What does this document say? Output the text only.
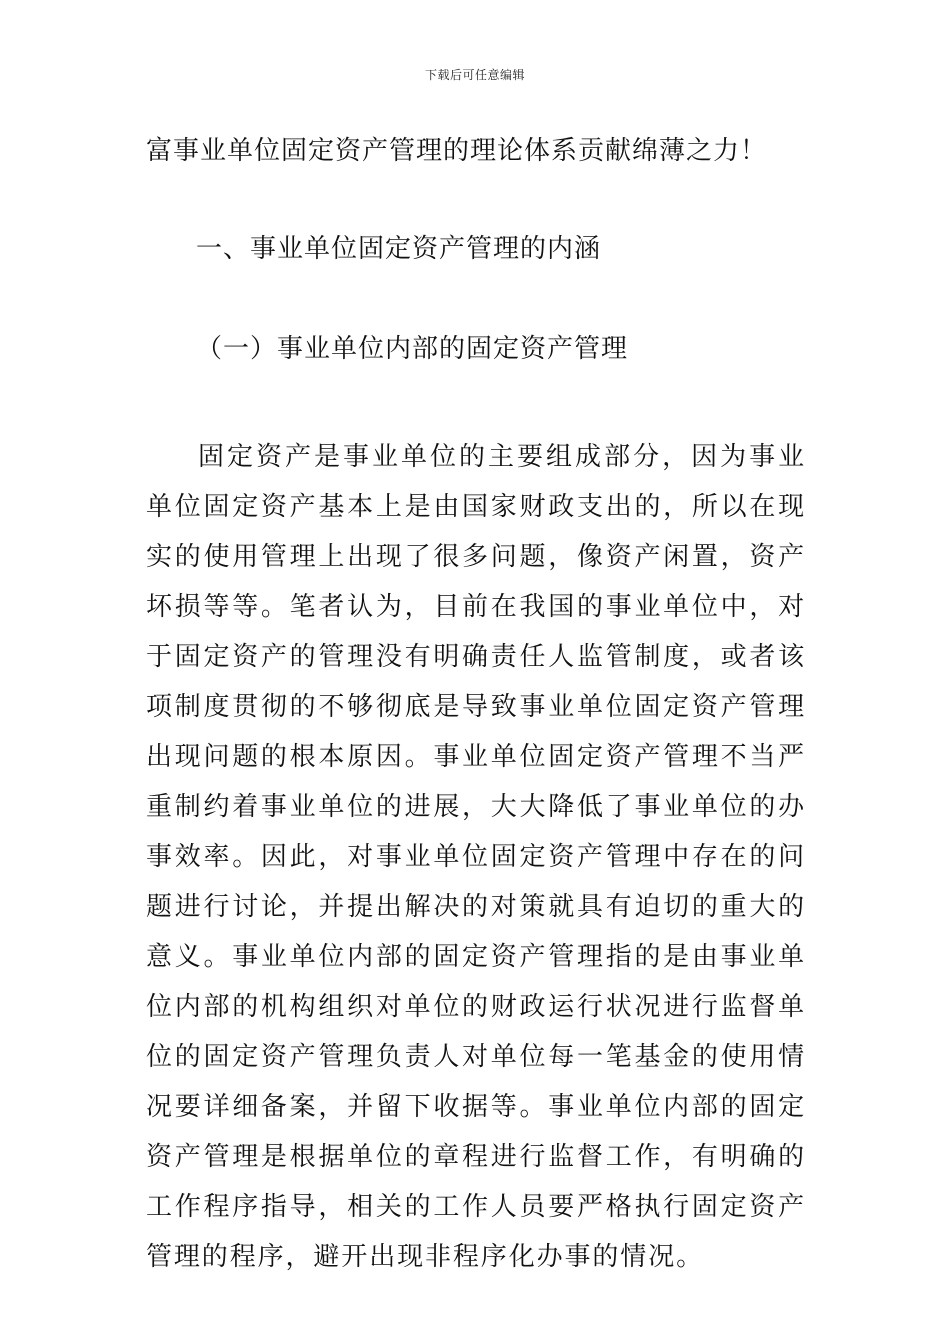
下载后可任意编辑
富事业单位固定资产管理的理论体系贡献绵薄之力！
一、事业单位固定资产管理的内涵
（一）事业单位内部的固定资产管理
固定资产是事业单位的主要组成部分，因为事业单位固定资产基本上是由国家财政支出的，所以在现实的使用管理上出现了很多问题，像资产闲置，资产坏损等等。笔者认为，目前在我国的事业单位中，对于固定资产的管理没有明确责任人监管制度，或者该项制度贯彻的不够彻底是导致事业单位固定资产管理出现问题的根本原因。事业单位固定资产管理不当严重制约着事业单位的进展，大大降低了事业单位的办事效率。因此，对事业单位固定资产管理中存在的问题进行讨论，并提出解决的对策就具有迫切的重大的意义。事业单位内部的固定资产管理指的是由事业单位内部的机构组织对单位的财政运行状况进行监督单位的固定资产管理负责人对单位每一笔基金的使用情况要详细备案，并留下收据等。事业单位内部的固定资产管理是根据单位的章程进行监督工作，有明确的工作程序指导，相关的工作人员要严格执行固定资产管理的程序，避开出现非程序化办事的情况。
